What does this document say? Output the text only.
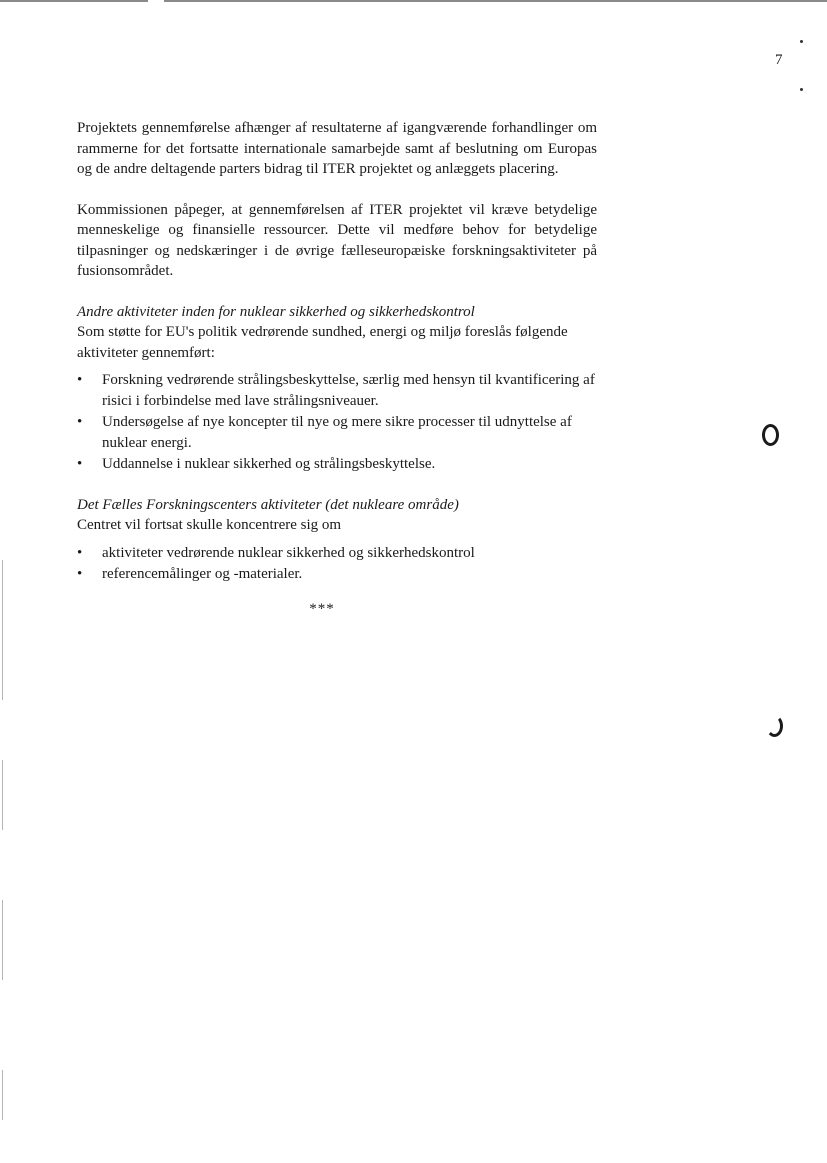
7

Projektets gennemførelse afhænger af resultaterne af igangværende forhandlinger om rammerne for det fortsatte internationale samarbejde samt af beslutning om Europas og de andre deltagende parters bidrag til ITER projektet og anlæggets placering.

Kommissionen påpeger, at gennemførelsen af ITER projektet vil kræve betydelige menneskelige og finansielle ressourcer. Dette vil medføre behov for betydelige tilpasninger og nedskæringer i de øvrige fælleseuropæiske forskningsaktiviteter på fusionsområdet.

Andre aktiviteter inden for nuklear sikkerhed og sikkerhedskontrol

Som støtte for EU's politik vedrørende sundhed, energi og miljø foreslås følgende aktiviteter gennemført:

• Forskning vedrørende strålingsbeskyttelse, særlig med hensyn til kvantificering af risici i forbindelse med lave strålingsniveauer.
• Undersøgelse af nye koncepter til nye og mere sikre processer til udnyttelse af nuklear energi.
• Uddannelse i nuklear sikkerhed og strålingsbeskyttelse.

Det Fælles Forskningscenters aktiviteter (det nukleare område)

Centret vil fortsat skulle koncentrere sig om

• aktiviteter vedrørende nuklear sikkerhed og sikkerhedskontrol
• referencemålinger og -materialer.
***
